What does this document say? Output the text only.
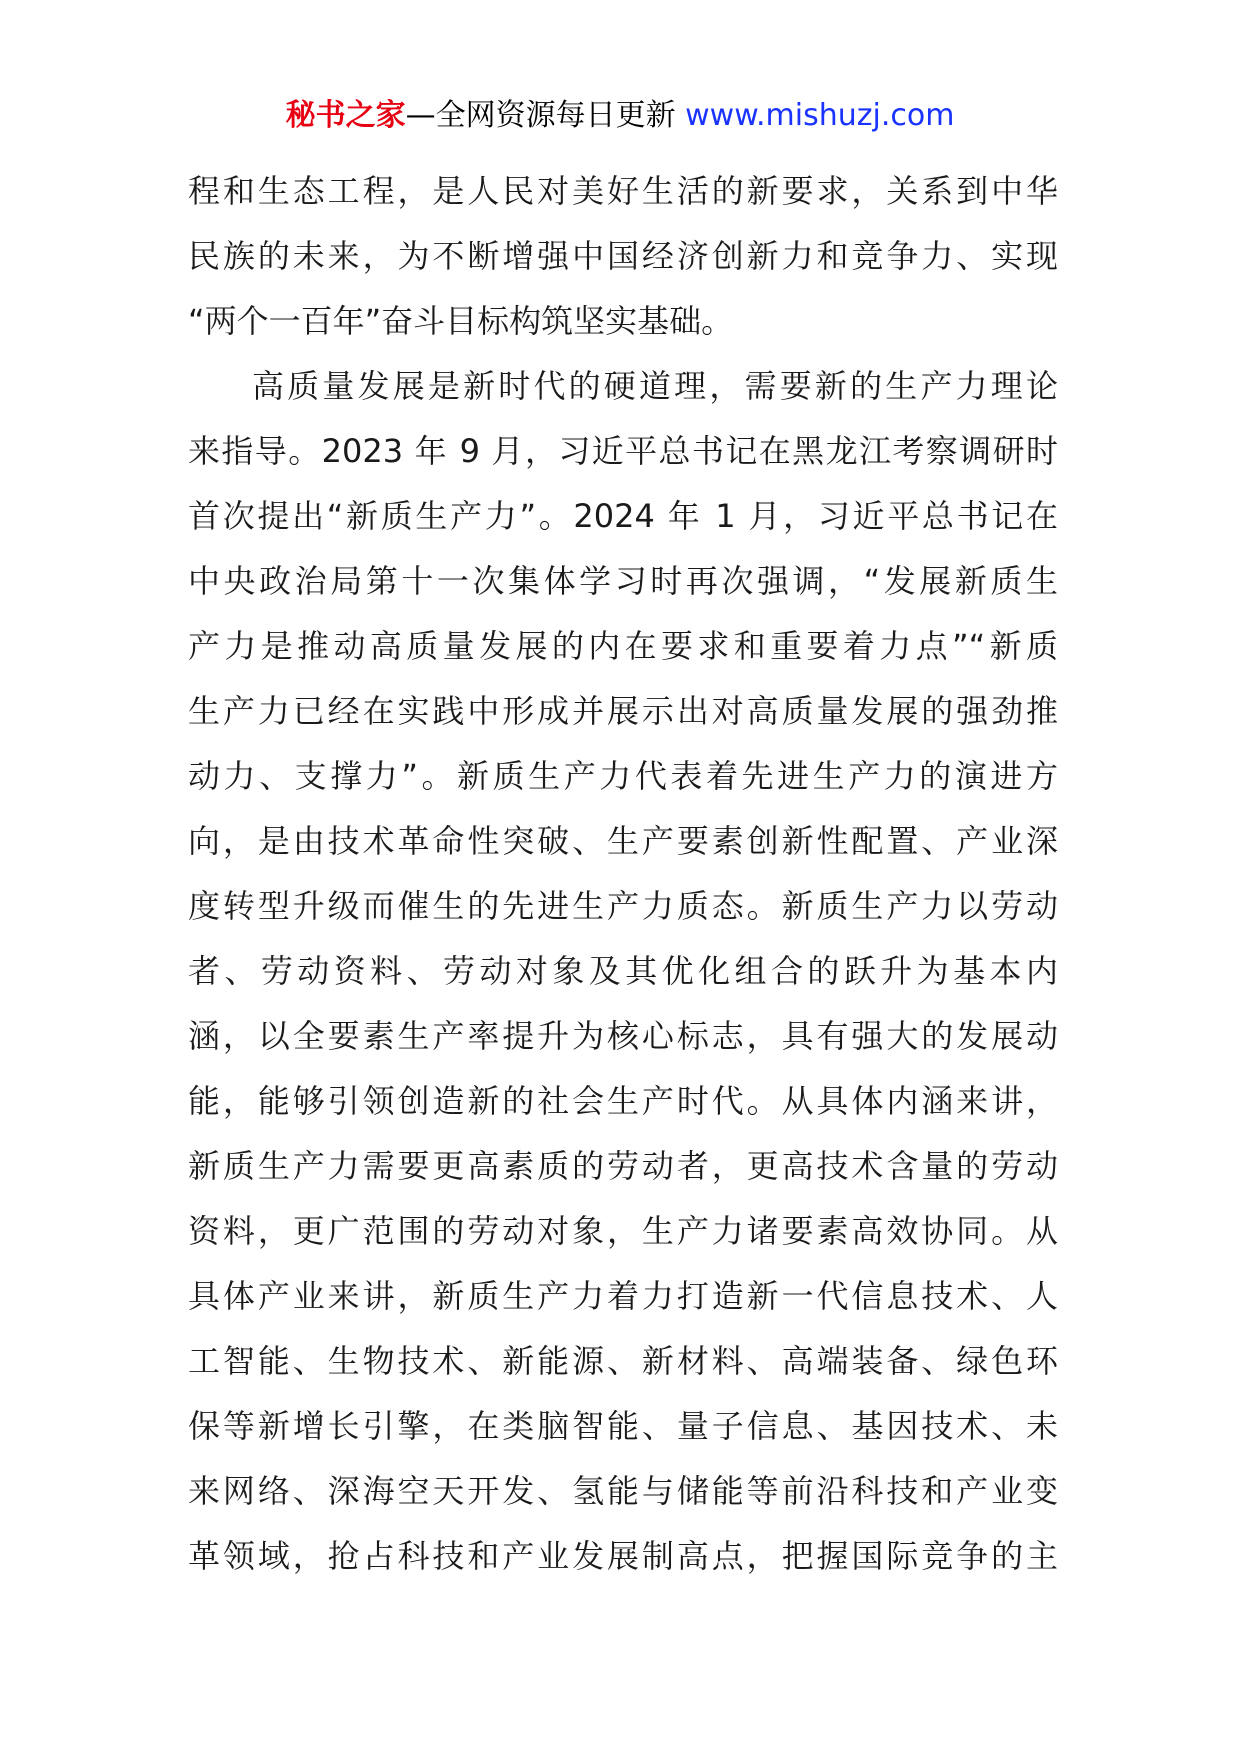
秘书之家—全网资源每日更新 www.mishuzj.com
程和生态工程，是人民对美好生活的新要求，关系到中华
民族的未来，为不断增强中国经济创新力和竞争力、实现
“两个一百年”奋斗目标构筑坚实基础。
高质量发展是新时代的硬道理，需要新的生产力理论
来指导。2023 年 9 月，习近平总书记在黑龙江考察调研时
首次提出“新质生产力”。2024 年 1 月，习近平总书记在
中央政治局第十一次集体学习时再次强调，“发展新质生
产力是推动高质量发展的内在要求和重要着力点”“新质
生产力已经在实践中形成并展示出对高质量发展的强劲推
动力、支撑力”。新质生产力代表着先进生产力的演进方
向，是由技术革命性突破、生产要素创新性配置、产业深
度转型升级而催生的先进生产力质态。新质生产力以劳动
者、劳动资料、劳动对象及其优化组合的跃升为基本内
涵，以全要素生产率提升为核心标志，具有强大的发展动
能，能够引领创造新的社会生产时代。从具体内涵来讲，
新质生产力需要更高素质的劳动者，更高技术含量的劳动
资料，更广范围的劳动对象，生产力诸要素高效协同。从
具体产业来讲，新质生产力着力打造新一代信息技术、人
工智能、生物技术、新能源、新材料、高端装备、绿色环
保等新增长引擎，在类脑智能、量子信息、基因技术、未
来网络、深海空天开发、氢能与储能等前沿科技和产业变
革领域，抢占科技和产业发展制高点，把握国际竞争的主
